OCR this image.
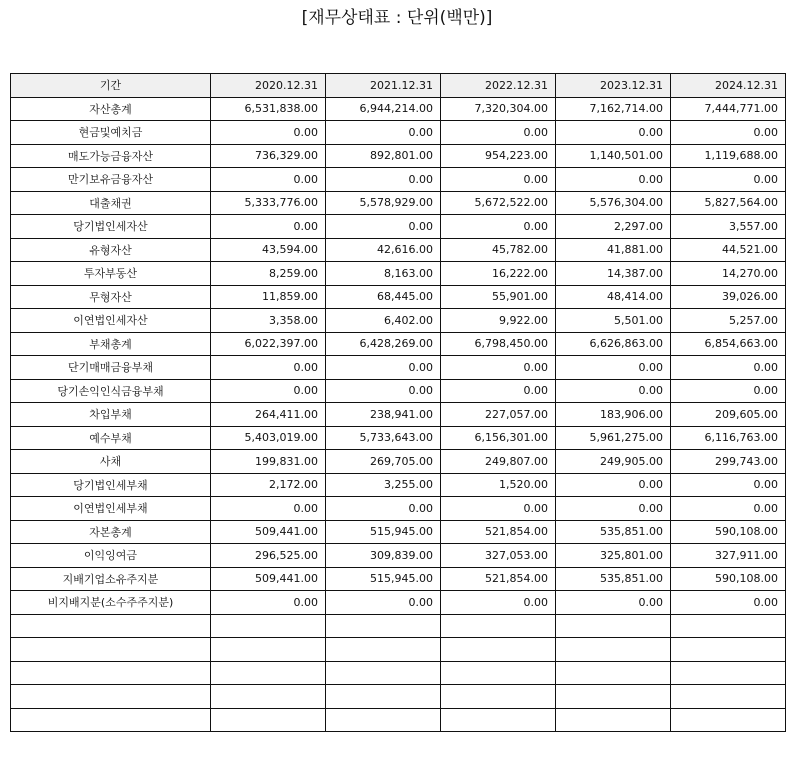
[재무상태표 : 단위(백만)]
기간	2020.12.31	2021.12.31	2022.12.31	2023.12.31	2024.12.31
자산총계	6,531,838.00	6,944,214.00	7,320,304.00	7,162,714.00	7,444,771.00
현금및예치금	0.00	0.00	0.00	0.00	0.00
매도가능금융자산	736,329.00	892,801.00	954,223.00	1,140,501.00	1,119,688.00
만기보유금융자산	0.00	0.00	0.00	0.00	0.00
대출채권	5,333,776.00	5,578,929.00	5,672,522.00	5,576,304.00	5,827,564.00
당기법인세자산	0.00	0.00	0.00	2,297.00	3,557.00
유형자산	43,594.00	42,616.00	45,782.00	41,881.00	44,521.00
투자부동산	8,259.00	8,163.00	16,222.00	14,387.00	14,270.00
무형자산	11,859.00	68,445.00	55,901.00	48,414.00	39,026.00
이연법인세자산	3,358.00	6,402.00	9,922.00	5,501.00	5,257.00
부채총계	6,022,397.00	6,428,269.00	6,798,450.00	6,626,863.00	6,854,663.00
단기매매금융부채	0.00	0.00	0.00	0.00	0.00
당기손익인식금융부채	0.00	0.00	0.00	0.00	0.00
차입부채	264,411.00	238,941.00	227,057.00	183,906.00	209,605.00
예수부채	5,403,019.00	5,733,643.00	6,156,301.00	5,961,275.00	6,116,763.00
사채	199,831.00	269,705.00	249,807.00	249,905.00	299,743.00
당기법인세부채	2,172.00	3,255.00	1,520.00	0.00	0.00
이연법인세부채	0.00	0.00	0.00	0.00	0.00
자본총계	509,441.00	515,945.00	521,854.00	535,851.00	590,108.00
이익잉여금	296,525.00	309,839.00	327,053.00	325,801.00	327,911.00
지배기업소유주지분	509,441.00	515,945.00	521,854.00	535,851.00	590,108.00
비지배지분(소수주주지분)	0.00	0.00	0.00	0.00	0.00
